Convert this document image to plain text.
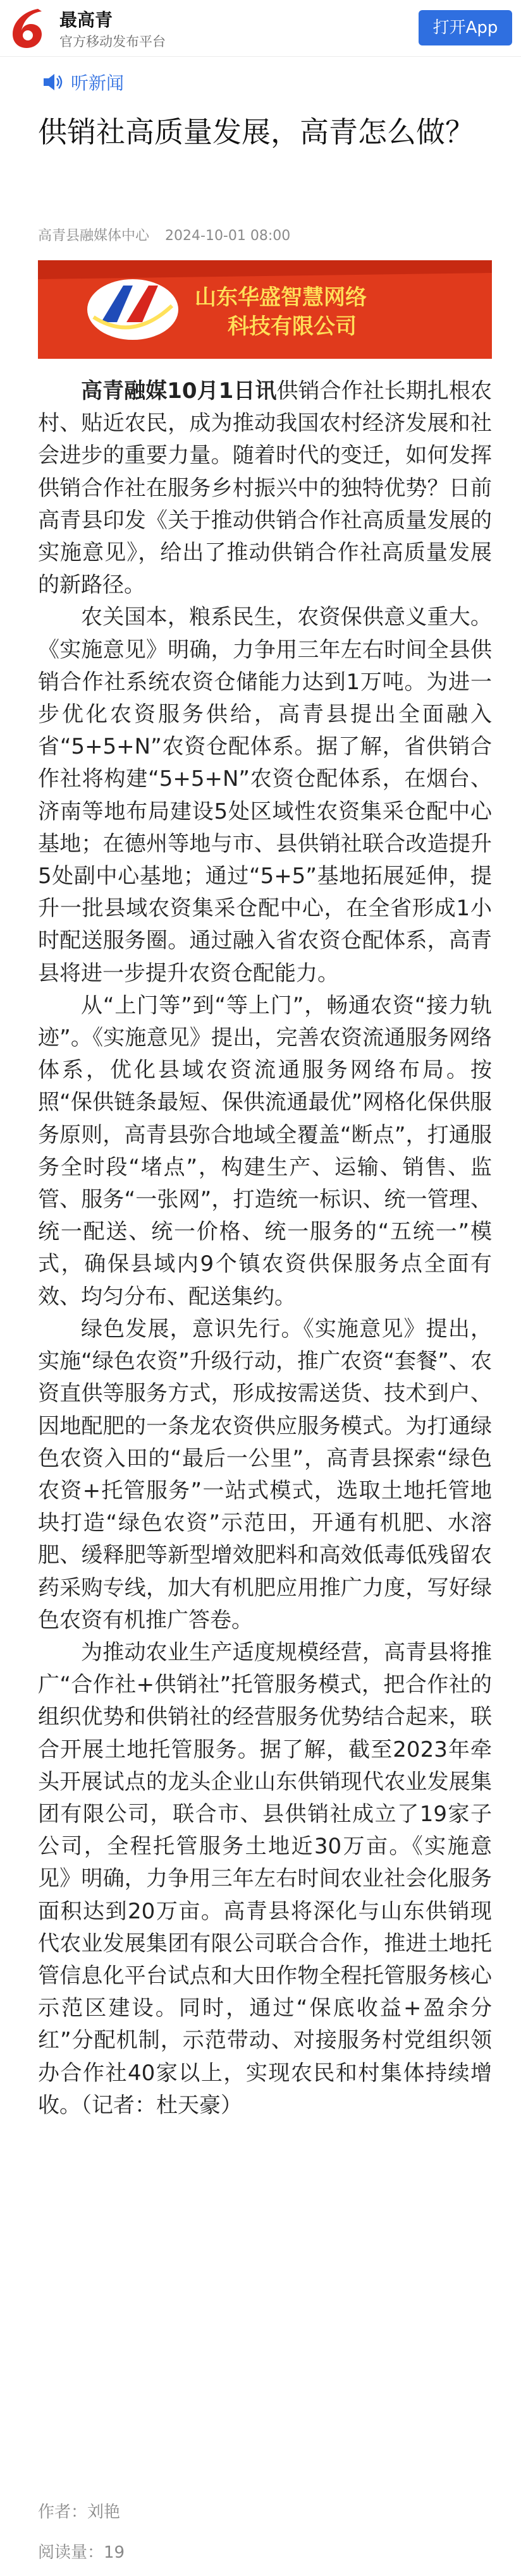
最高青
官方移动发布平台
打开App
听新闻
供销社高质量发展，高青怎么做？
高青县融媒体中心 2024-10-01 08:00
山东华盛智慧网络
科技有限公司

高青融媒10月1日讯供销合作社长期扎根农村、贴近农民，成为推动我国农村经济发展和社会进步的重要力量。随着时代的变迁，如何发挥供销合作社在服务乡村振兴中的独特优势？日前高青县印发《关于推动供销合作社高质量发展的实施意见》，给出了推动供销合作社高质量发展的新路径。

农关国本，粮系民生，农资保供意义重大。《实施意见》明确，力争用三年左右时间全县供销合作社系统农资仓储能力达到1万吨。为进一步优化农资服务供给，高青县提出全面融入省“5+5+N”农资仓配体系。据了解，省供销合作社将构建“5+5+N”农资仓配体系，在烟台、济南等地布局建设5处区域性农资集采仓配中心基地；在德州等地与市、县供销社联合改造提升5处副中心基地；通过“5+5”基地拓展延伸，提升一批县域农资集采仓配中心，在全省形成1小时配送服务圈。通过融入省农资仓配体系，高青县将进一步提升农资仓配能力。

从“上门等”到“等上门”，畅通农资“接力轨迹”。《实施意见》提出，完善农资流通服务网络体系，优化县域农资流通服务网络布局。按照“保供链条最短、保供流通最优”网格化保供服务原则，高青县弥合地域全覆盖“断点”，打通服务全时段“堵点”，构建生产、运输、销售、监管、服务“一张网”，打造统一标识、统一管理、统一配送、统一价格、统一服务的“五统一”模式，确保县域内9个镇农资供保服务点全面有效、均匀分布、配送集约。

绿色发展，意识先行。《实施意见》提出，实施“绿色农资”升级行动，推广农资“套餐”、农资直供等服务方式，形成按需送货、技术到户、因地配肥的一条龙农资供应服务模式。为打通绿色农资入田的“最后一公里”，高青县探索“绿色农资+托管服务”一站式模式，选取土地托管地块打造“绿色农资”示范田，开通有机肥、水溶肥、缓释肥等新型增效肥料和高效低毒低残留农药采购专线，加大有机肥应用推广力度，写好绿色农资有机推广答卷。

为推动农业生产适度规模经营，高青县将推广“合作社+供销社”托管服务模式，把合作社的组织优势和供销社的经营服务优势结合起来，联合开展土地托管服务。据了解，截至2023年牵头开展试点的龙头企业山东供销现代农业发展集团有限公司，联合市、县供销社成立了19家子公司，全程托管服务土地近30万亩。《实施意见》明确，力争用三年左右时间农业社会化服务面积达到20万亩。高青县将深化与山东供销现代农业发展集团有限公司联合合作，推进土地托管信息化平台试点和大田作物全程托管服务核心示范区建设。同时，通过“保底收益+盈余分红”分配机制，示范带动、对接服务村党组织领办合作社40家以上，实现农民和村集体持续增收。（记者：杜天豪）

作者：刘艳
阅读量：19
